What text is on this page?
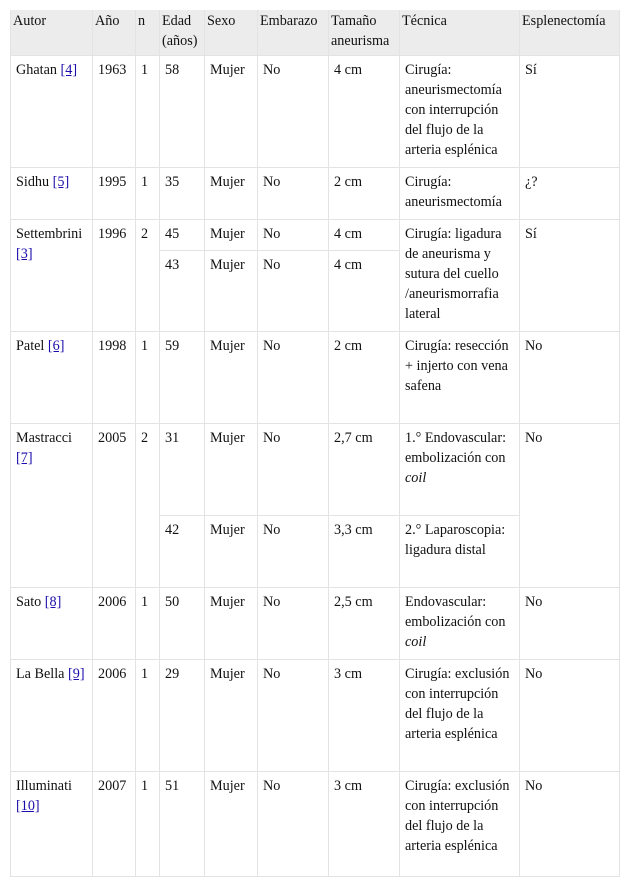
Autor	Año	n	Edad (años)	Sexo	Embarazo	Tamaño aneurisma	Técnica	Esplenectomía
Ghatan [4]	1963	1	58	Mujer	No	4 cm	Cirugía: aneurismectomía con interrupción del flujo de la arteria esplénica	Sí
Sidhu [5]	1995	1	35	Mujer	No	2 cm	Cirugía: aneurismectomía	¿?
Settembrini [3]	1996	2	45	Mujer	No	4 cm	Cirugía: ligadura de aneurisma y sutura del cuello /aneurismorrafia lateral	Sí
			43	Mujer	No	4 cm		
Patel [6]	1998	1	59	Mujer	No	2 cm	Cirugía: resección + injerto con vena safena	No
Mastracci [7]	2005	2	31	Mujer	No	2,7 cm	1.° Endovascular: embolización con coil	No
			42	Mujer	No	3,3 cm	2.° Laparoscopia: ligadura distal	
Sato [8]	2006	1	50	Mujer	No	2,5 cm	Endovascular: embolización con coil	No
La Bella [9]	2006	1	29	Mujer	No	3 cm	Cirugía: exclusión con interrupción del flujo de la arteria esplénica	No
Illuminati [10]	2007	1	51	Mujer	No	3 cm	Cirugía: exclusión con interrupción del flujo de la arteria esplénica	No
